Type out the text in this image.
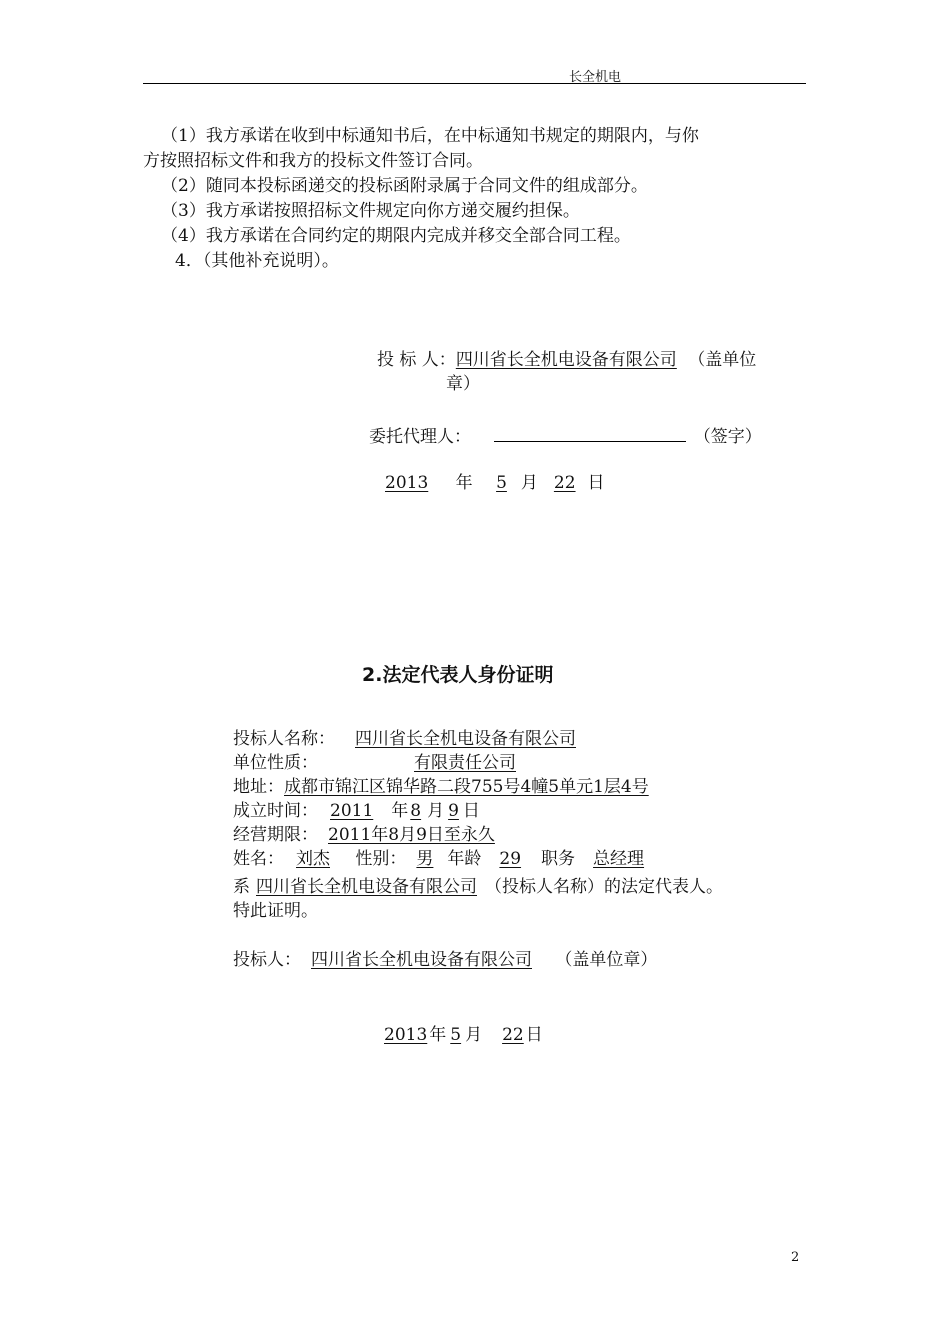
长全机电
（1）我方承诺在收到中标通知书后，在中标通知书规定的期限内，与你
方按照招标文件和我方的投标文件签订合同。
（2）随同本投标函递交的投标函附录属于合同文件的组成部分。
（3）我方承诺按照招标文件规定向你方递交履约担保。
（4）我方承诺在合同约定的期限内完成并移交全部合同工程。
4．（其他补充说明）。
投 标 人：四川省长全机电设备有限公司 （盖单位
章）
委托代理人：	（签字）
2013 年 5 月 22 日
2.法定代表人身份证明
投标人名称： 四川省长全机电设备有限公司
单位性质：	有限责任公司
地址：成都市锦江区锦华路二段755号4幢5单元1层4号
成立时间： 2011 年 8 月 9 日
经营期限： 2011年8月9日至永久
姓名： 刘杰 性别： 男 年龄 29 职务 总经理
系 四川省长全机电设备有限公司 （投标人名称）的法定代表人。
特此证明。
投标人： 四川省长全机电设备有限公司 （盖单位章）
2013 年 5 月 22 日
2
